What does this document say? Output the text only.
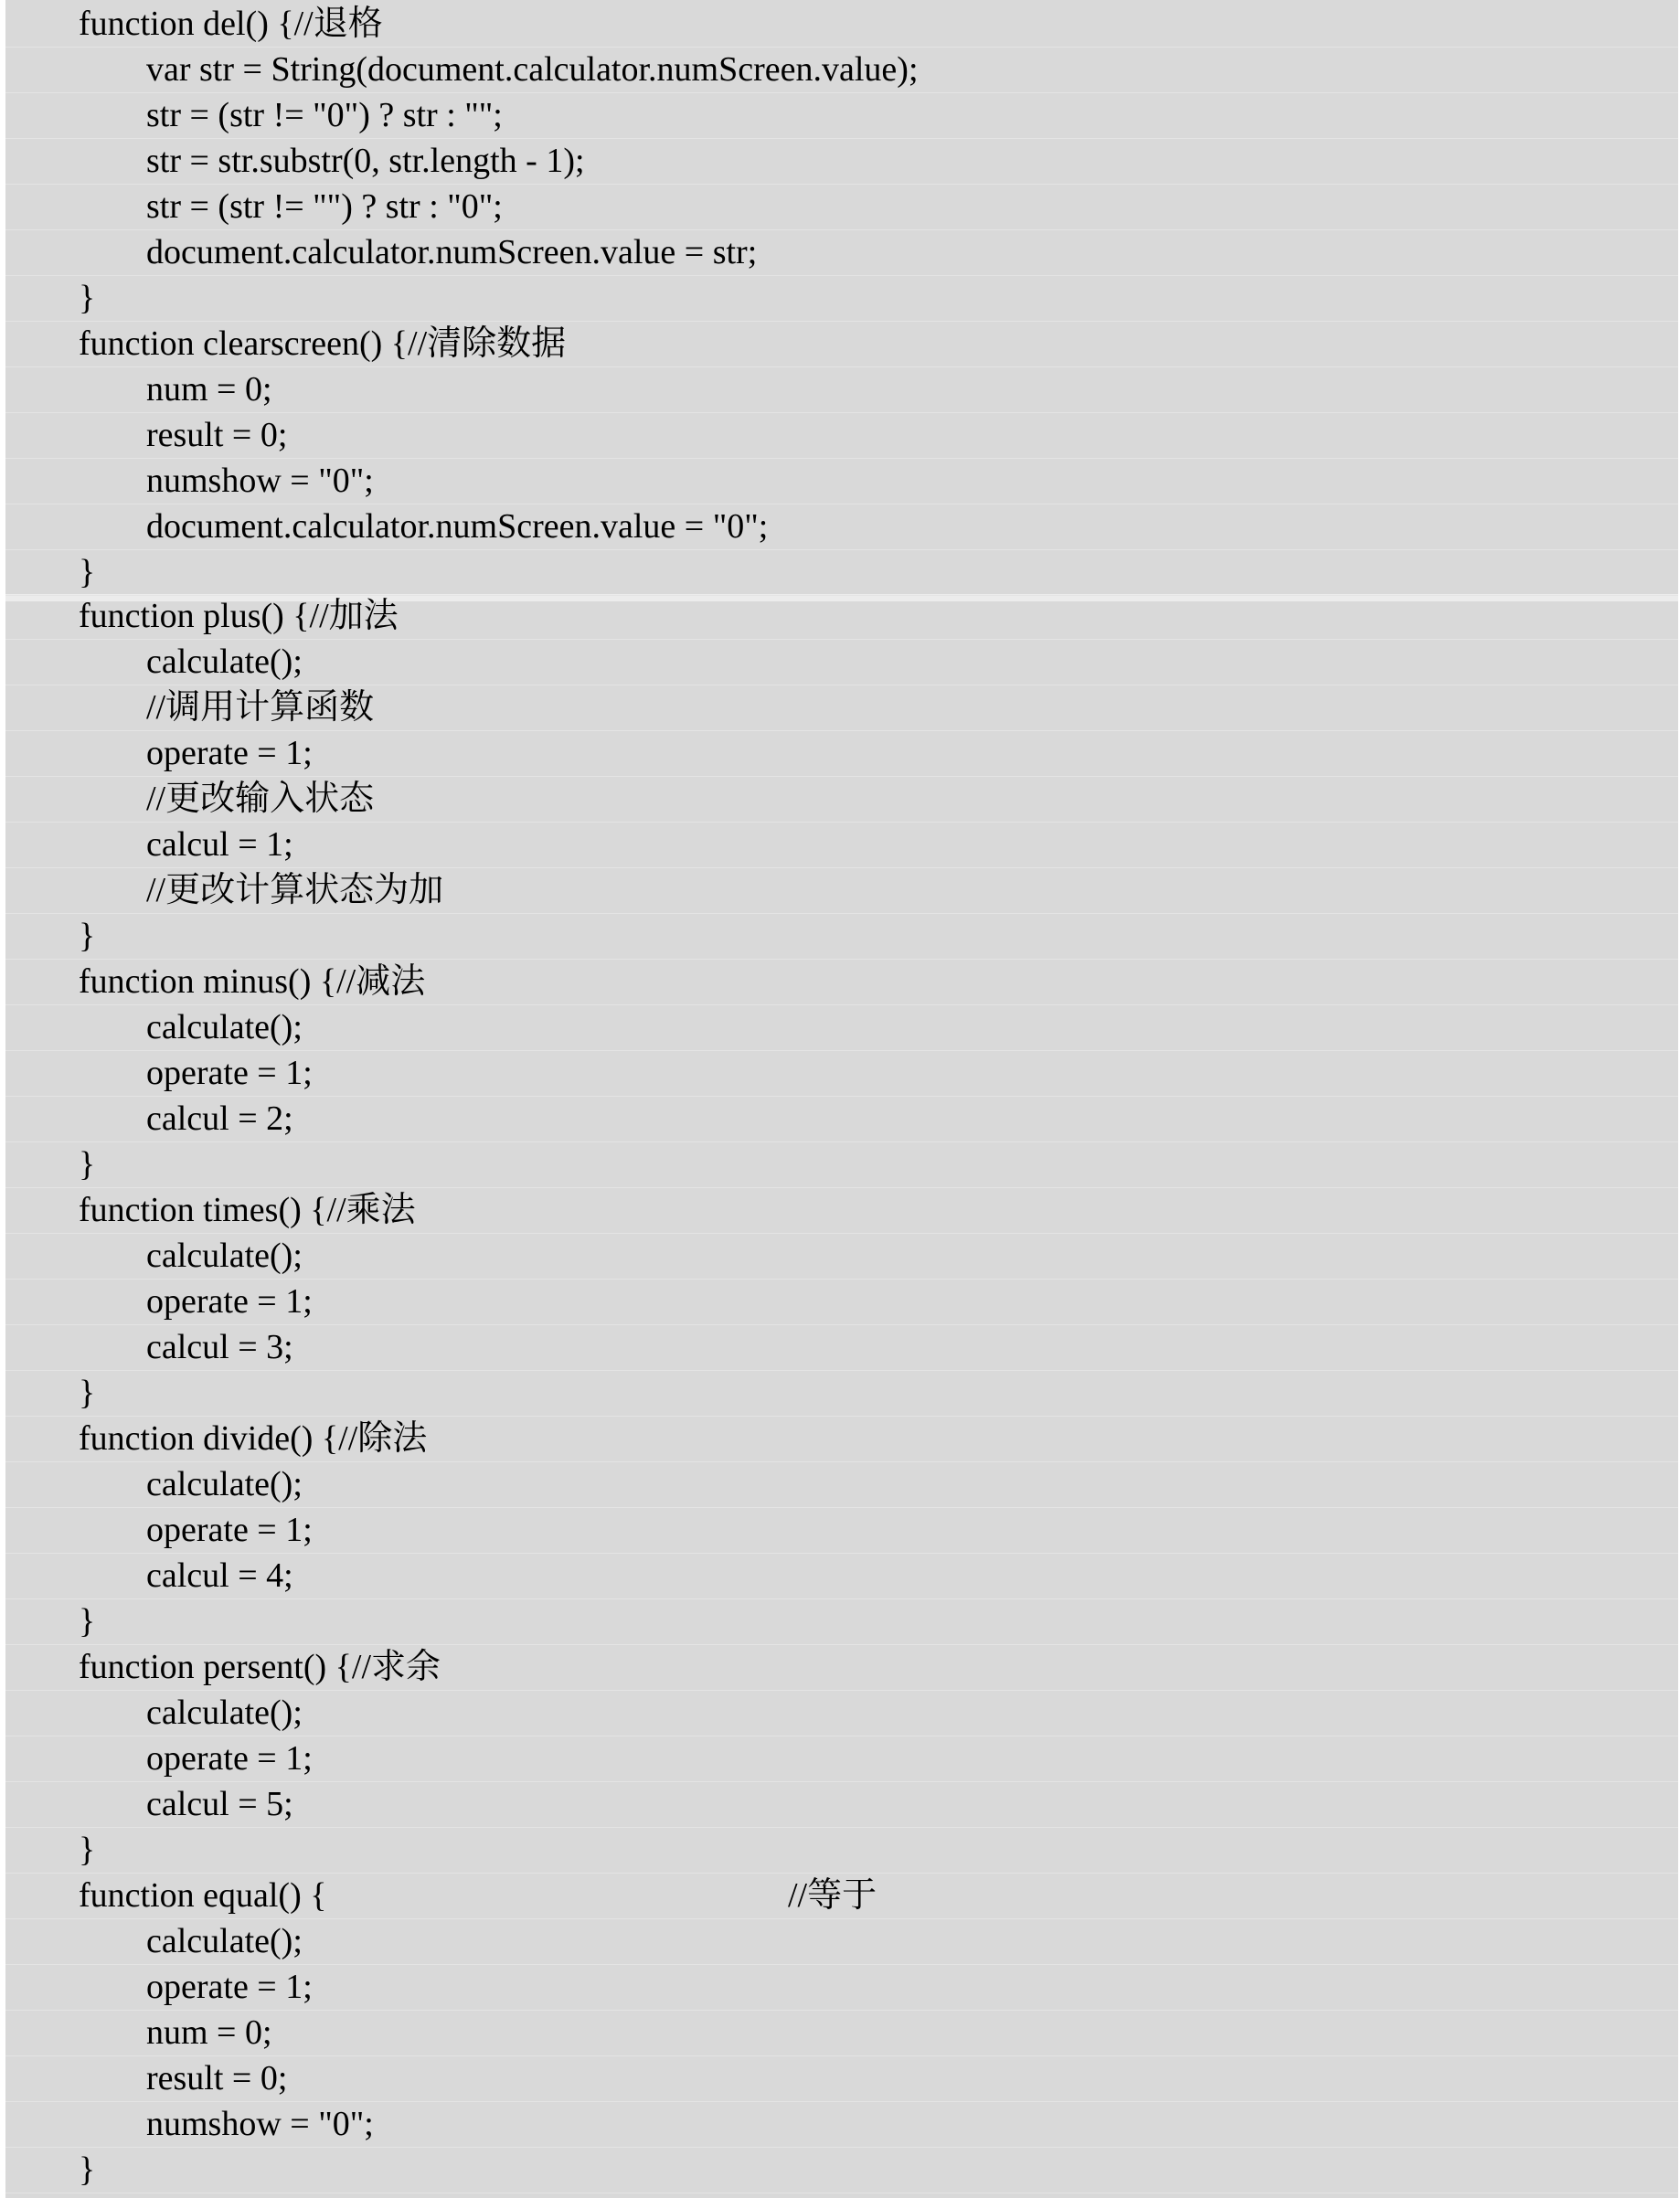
function del() {//退格
var str = String(document.calculator.numScreen.value);
str = (str != "0") ? str : "";
str = str.substr(0, str.length - 1);
str = (str != "") ? str : "0";
document.calculator.numScreen.value = str;
}
function clearscreen() {//清除数据
num = 0;
result = 0;
numshow = "0";
document.calculator.numScreen.value = "0";
}
function plus() {//加法
calculate();
//调用计算函数
operate = 1;
//更改输入状态
calcul = 1;
//更改计算状态为加
}
function minus() {//减法
calculate();
operate = 1;
calcul = 2;
}
function times() {//乘法
calculate();
operate = 1;
calcul = 3;
}
function divide() {//除法
calculate();
operate = 1;
calcul = 4;
}
function persent() {//求余
calculate();
operate = 1;
calcul = 5;
}
function equal() {	//等于
calculate();
operate = 1;
num = 0;
result = 0;
numshow = "0";
}
